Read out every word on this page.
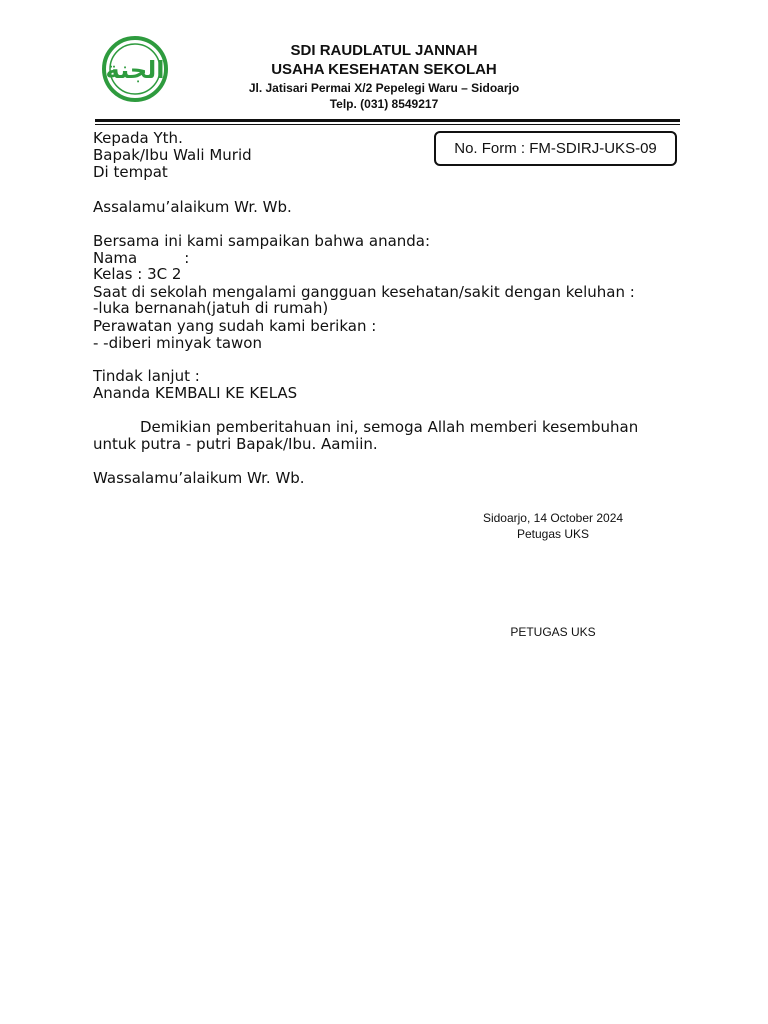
الجنة
SDI RAUDLATUL JANNAH
USAHA KESEHATAN SEKOLAH
Jl. Jatisari Permai X/2 Pepelegi Waru – Sidoarjo
Telp. (031) 8549217
No. Form : FM-SDIRJ-UKS-09
Kepada Yth.
Bapak/Ibu Wali Murid
Di tempat
Assalamu’alaikum Wr. Wb.
Bersama ini kami sampaikan bahwa ananda:
Nama	:
Kelas : 3C 2
Saat di sekolah mengalami gangguan kesehatan/sakit dengan keluhan :
-luka bernanah(jatuh di rumah)
Perawatan yang sudah kami berikan :
- -diberi minyak tawon
Tindak lanjut :
Ananda KEMBALI KE KELAS
Demikian pemberitahuan ini, semoga Allah memberi kesembuhan
untuk putra - putri Bapak/Ibu. Aamiin.
Wassalamu’alaikum Wr. Wb.
Sidoarjo, 14 October 2024
Petugas UKS
PETUGAS UKS
